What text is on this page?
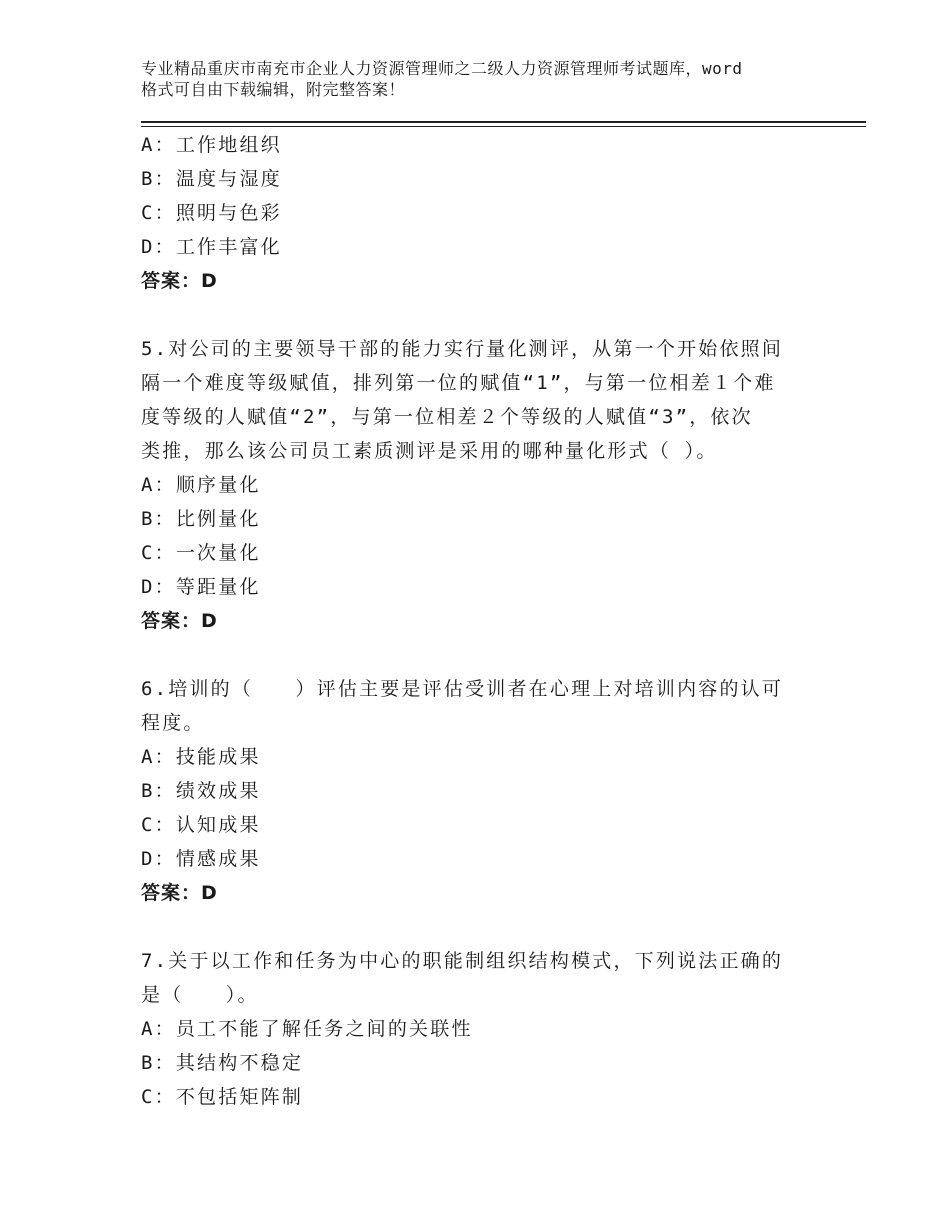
专业精品重庆市南充市企业人力资源管理师之二级人力资源管理师考试题库，word
格式可自由下载编辑，附完整答案！
A：工作地组织
B：温度与湿度
C：照明与色彩
D：工作丰富化
答案：D
5.对公司的主要领导干部的能力实行量化测评，从第一个开始依照间
隔一个难度等级赋值，排列第一位的赋值“1”，与第一位相差１个难
度等级的人赋值“2”，与第一位相差２个等级的人赋值“3”，依次
类推，那么该公司员工素质测评是采用的哪种量化形式（ ）。
A：顺序量化
B：比例量化
C：一次量化
D：等距量化
答案：D
6.培训的（　　）评估主要是评估受训者在心理上对培训内容的认可
程度。
A：技能成果
B：绩效成果
C：认知成果
D：情感成果
答案：D
7.关于以工作和任务为中心的职能制组织结构模式，下列说法正确的
是（　　）。
A：员工不能了解任务之间的关联性
B：其结构不稳定
C：不包括矩阵制
